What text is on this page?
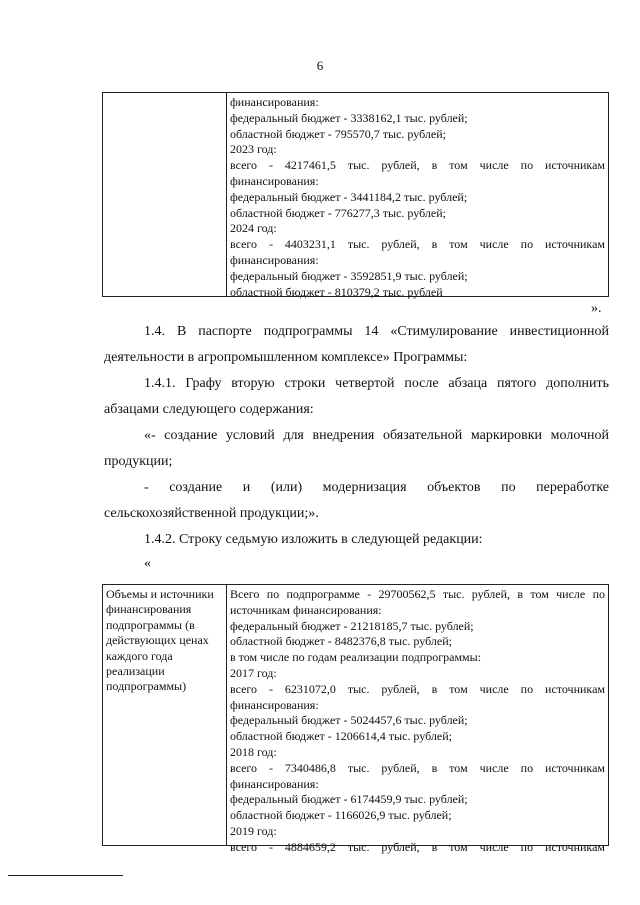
6
финансирования:
федеральный бюджет - 3338162,1 тыс. рублей;
областной бюджет - 795570,7 тыс. рублей;
2023 год:
всего - 4217461,5 тыс. рублей, в том числе по источникам
финансирования:
федеральный бюджет - 3441184,2 тыс. рублей;
областной бюджет - 776277,3 тыс. рублей;
2024 год:
всего - 4403231,1 тыс. рублей, в том числе по источникам
финансирования:
федеральный бюджет - 3592851,9 тыс. рублей;
областной бюджет - 810379,2 тыс. рублей
».
1.4. В паспорте подпрограммы 14 «Стимулирование инвестиционной
деятельности в агропромышленном комплексе» Программы:
1.4.1. Графу вторую строки четвертой после абзаца пятого дополнить
абзацами следующего содержания:
«- создание условий для внедрения обязательной маркировки молочной
продукции;
- создание и (или) модернизация объектов по переработке
сельскохозяйственной продукции;».
1.4.2. Строку седьмую изложить в следующей редакции:
«
Объемы и источники
финансирования
подпрограммы (в
действующих ценах
каждого года
реализации
подпрограммы)
Всего по подпрограмме - 29700562,5 тыс. рублей, в том числе по
источникам финансирования:
федеральный бюджет - 21218185,7 тыс. рублей;
областной бюджет - 8482376,8 тыс. рублей;
в том числе по годам реализации подпрограммы:
2017 год:
всего - 6231072,0 тыс. рублей, в том числе по источникам
финансирования:
федеральный бюджет - 5024457,6 тыс. рублей;
областной бюджет - 1206614,4 тыс. рублей;
2018 год:
всего - 7340486,8 тыс. рублей, в том числе по источникам
финансирования:
федеральный бюджет - 6174459,9 тыс. рублей;
областной бюджет - 1166026,9 тыс. рублей;
2019 год:
всего - 4884659,2 тыс. рублей, в том числе по источникам
